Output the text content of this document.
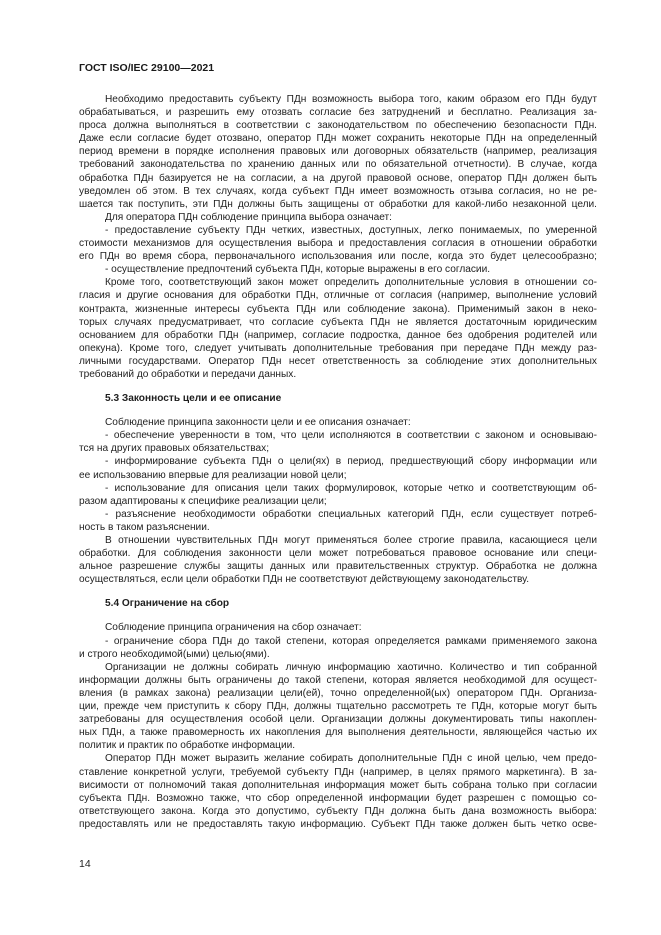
ГОСТ ISO/IEC 29100—2021
Необходимо предоставить субъекту ПДн возможность выбора того, каким образом его ПДн будут
обрабатываться, и разрешить ему отозвать согласие без затруднений и бесплатно. Реализация за-
проса должна выполняться в соответствии с законодательством по обеспечению безопасности ПДн.
Даже если согласие будет отозвано, оператор ПДн может сохранить некоторые ПДн на определенный
период времени в порядке исполнения правовых или договорных обязательств (например, реализация
требований законодательства по хранению данных или по обязательной отчетности). В случае, когда
обработка ПДн базируется не на согласии, а на другой правовой основе, оператор ПДн должен быть
уведомлен об этом. В тех случаях, когда субъект ПДн имеет возможность отзыва согласия, но не ре-
шается так поступить, эти ПДн должны быть защищены от обработки для какой-либо незаконной цели.
Для оператора ПДн соблюдение принципа выбора означает:
- предоставление субъекту ПДн четких, известных, доступных, легко понимаемых, по умеренной
стоимости механизмов для осуществления выбора и предоставления согласия в отношении обработки
его ПДн во время сбора, первоначального использования или после, когда это будет целесообразно;
- осуществление предпочтений субъекта ПДн, которые выражены в его согласии.
Кроме того, соответствующий закон может определить дополнительные условия в отношении со-
гласия и другие основания для обработки ПДн, отличные от согласия (например, выполнение условий
контракта, жизненные интересы субъекта ПДн или соблюдение закона). Применимый закон в неко-
торых случаях предусматривает, что согласие субъекта ПДн не является достаточным юридическим
основанием для обработки ПДн (например, согласие подростка, данное без одобрения родителей или
опекуна). Кроме того, следует учитывать дополнительные требования при передаче ПДн между раз-
личными государствами. Оператор ПДн несет ответственность за соблюдение этих дополнительных
требований до обработки и передачи данных.
5.3 Законность цели и ее описание
Соблюдение принципа законности цели и ее описания означает:
- обеспечение уверенности в том, что цели исполняются в соответствии с законом и основываю-
тся на других правовых обязательствах;
- информирование субъекта ПДн о цели(ях) в период, предшествующий сбору информации или
ее использованию впервые для реализации новой цели;
- использование для описания цели таких формулировок, которые четко и соответствующим об-
разом адаптированы к специфике реализации цели;
- разъяснение необходимости обработки специальных категорий ПДн, если существует потреб-
ность в таком разъяснении.
В отношении чувствительных ПДн могут применяться более строгие правила, касающиеся цели
обработки. Для соблюдения законности цели может потребоваться правовое основание или специ-
альное разрешение службы защиты данных или правительственных структур. Обработка не должна
осуществляться, если цели обработки ПДн не соответствуют действующему законодательству.
5.4 Ограничение на сбор
Соблюдение принципа ограничения на сбор означает:
- ограничение сбора ПДн до такой степени, которая определяется рамками применяемого закона
и строго необходимой(ыми) целью(ями).
Организации не должны собирать личную информацию хаотично. Количество и тип собранной
информации должны быть ограничены до такой степени, которая является необходимой для осущест-
вления (в рамках закона) реализации цели(ей), точно определенной(ых) оператором ПДн. Организа-
ции, прежде чем приступить к сбору ПДн, должны тщательно рассмотреть те ПДн, которые могут быть
затребованы для осуществления особой цели. Организации должны документировать типы накоплен-
ных ПДн, а также правомерность их накопления для выполнения деятельности, являющейся частью их
политик и практик по обработке информации.
Оператор ПДн может выразить желание собирать дополнительные ПДн с иной целью, чем предо-
ставление конкретной услуги, требуемой субъекту ПДн (например, в целях прямого маркетинга). В за-
висимости от полномочий такая дополнительная информация может быть собрана только при согласии
субъекта ПДн. Возможно также, что сбор определенной информации будет разрешен с помощью со-
ответствующего закона. Когда это допустимо, субъекту ПДн должна быть дана возможность выбора:
предоставлять или не предоставлять такую информацию. Субъект ПДн также должен быть четко осве-
14
